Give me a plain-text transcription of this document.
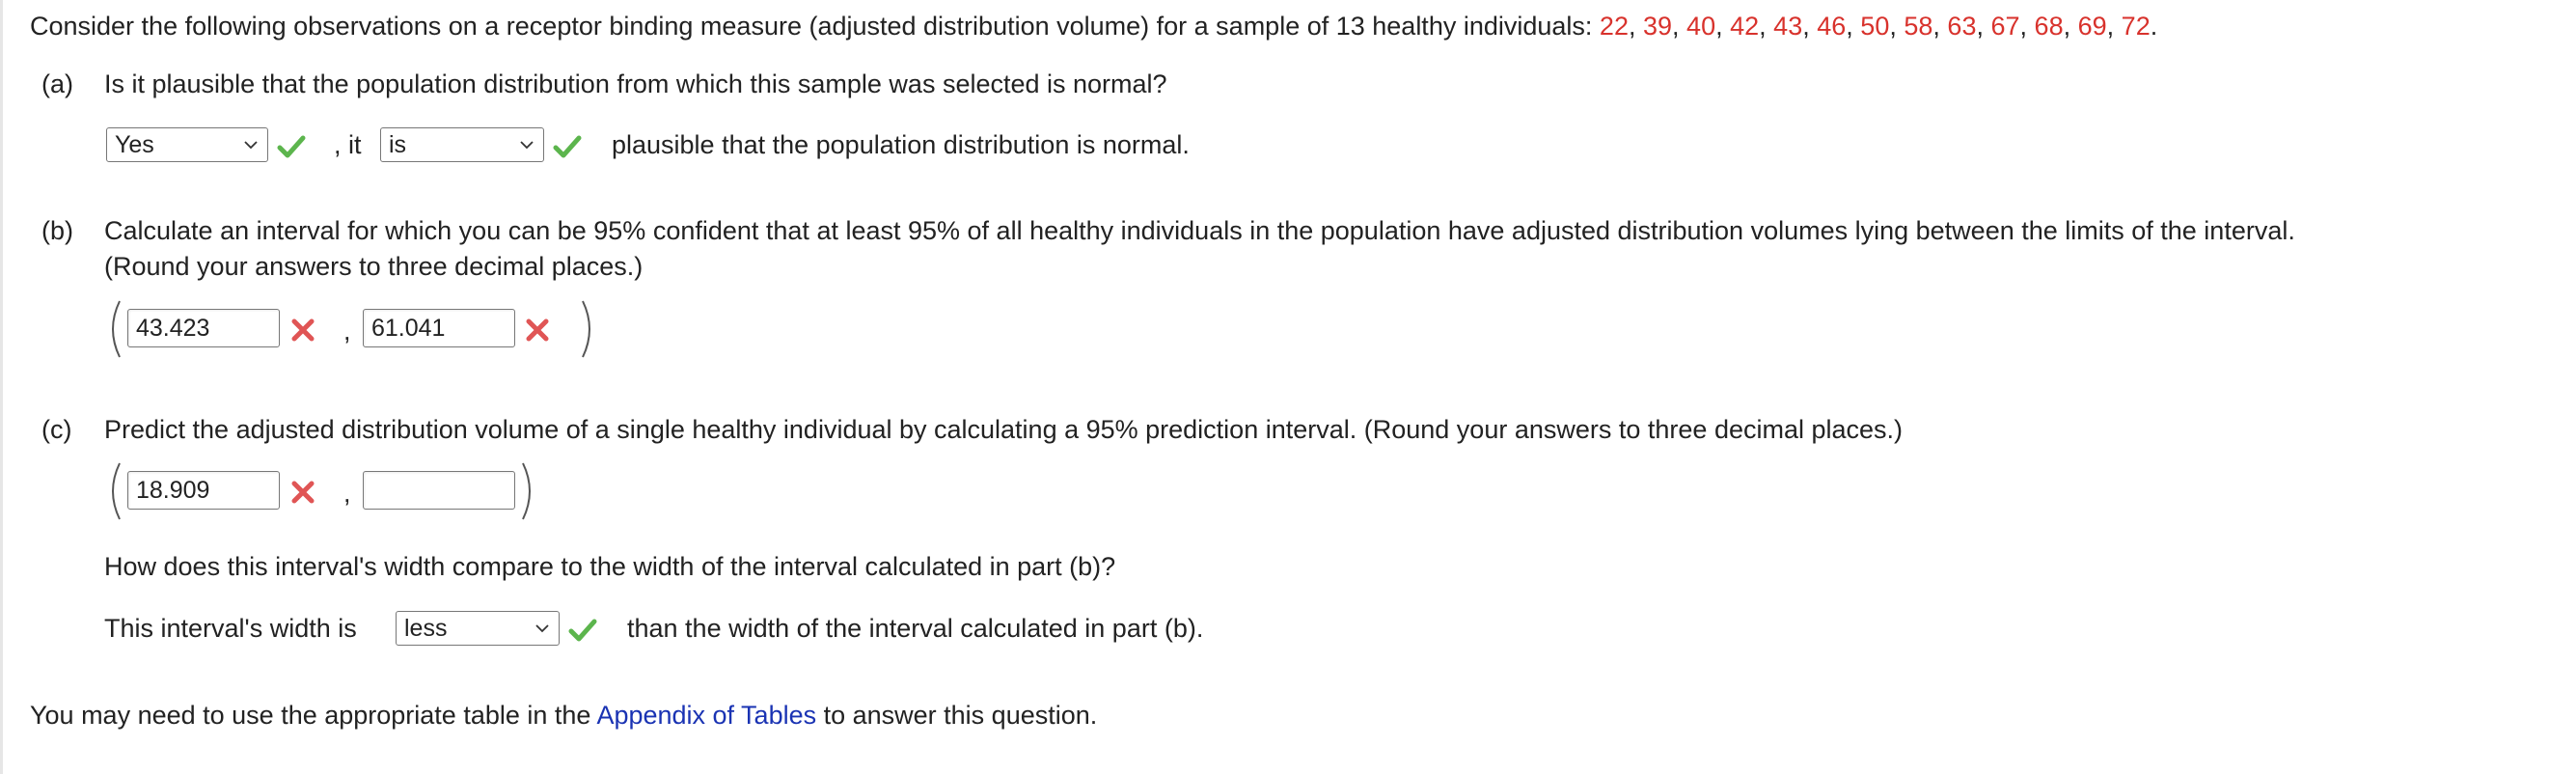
Consider the following observations on a receptor binding measure (adjusted distribution volume) for a sample of 13 healthy individuals: 22, 39, 40, 42, 43, 46, 50, 58, 63, 67, 68, 69, 72.
(a) Is it plausible that the population distribution from which this sample was selected is normal?
Yes	, it	is	plausible that the population distribution is normal.
(b) Calculate an interval for which you can be 95% confident that at least 95% of all healthy individuals in the population have adjusted distribution volumes lying between the limits of the interval.
(Round your answers to three decimal places.)
43.423	, 61.041
(c) Predict the adjusted distribution volume of a single healthy individual by calculating a 95% prediction interval. (Round your answers to three decimal places.)
18.909	,
How does this interval's width compare to the width of the interval calculated in part (b)?
This interval's width is	less	than the width of the interval calculated in part (b).
You may need to use the appropriate table in the Appendix of Tables to answer this question.
